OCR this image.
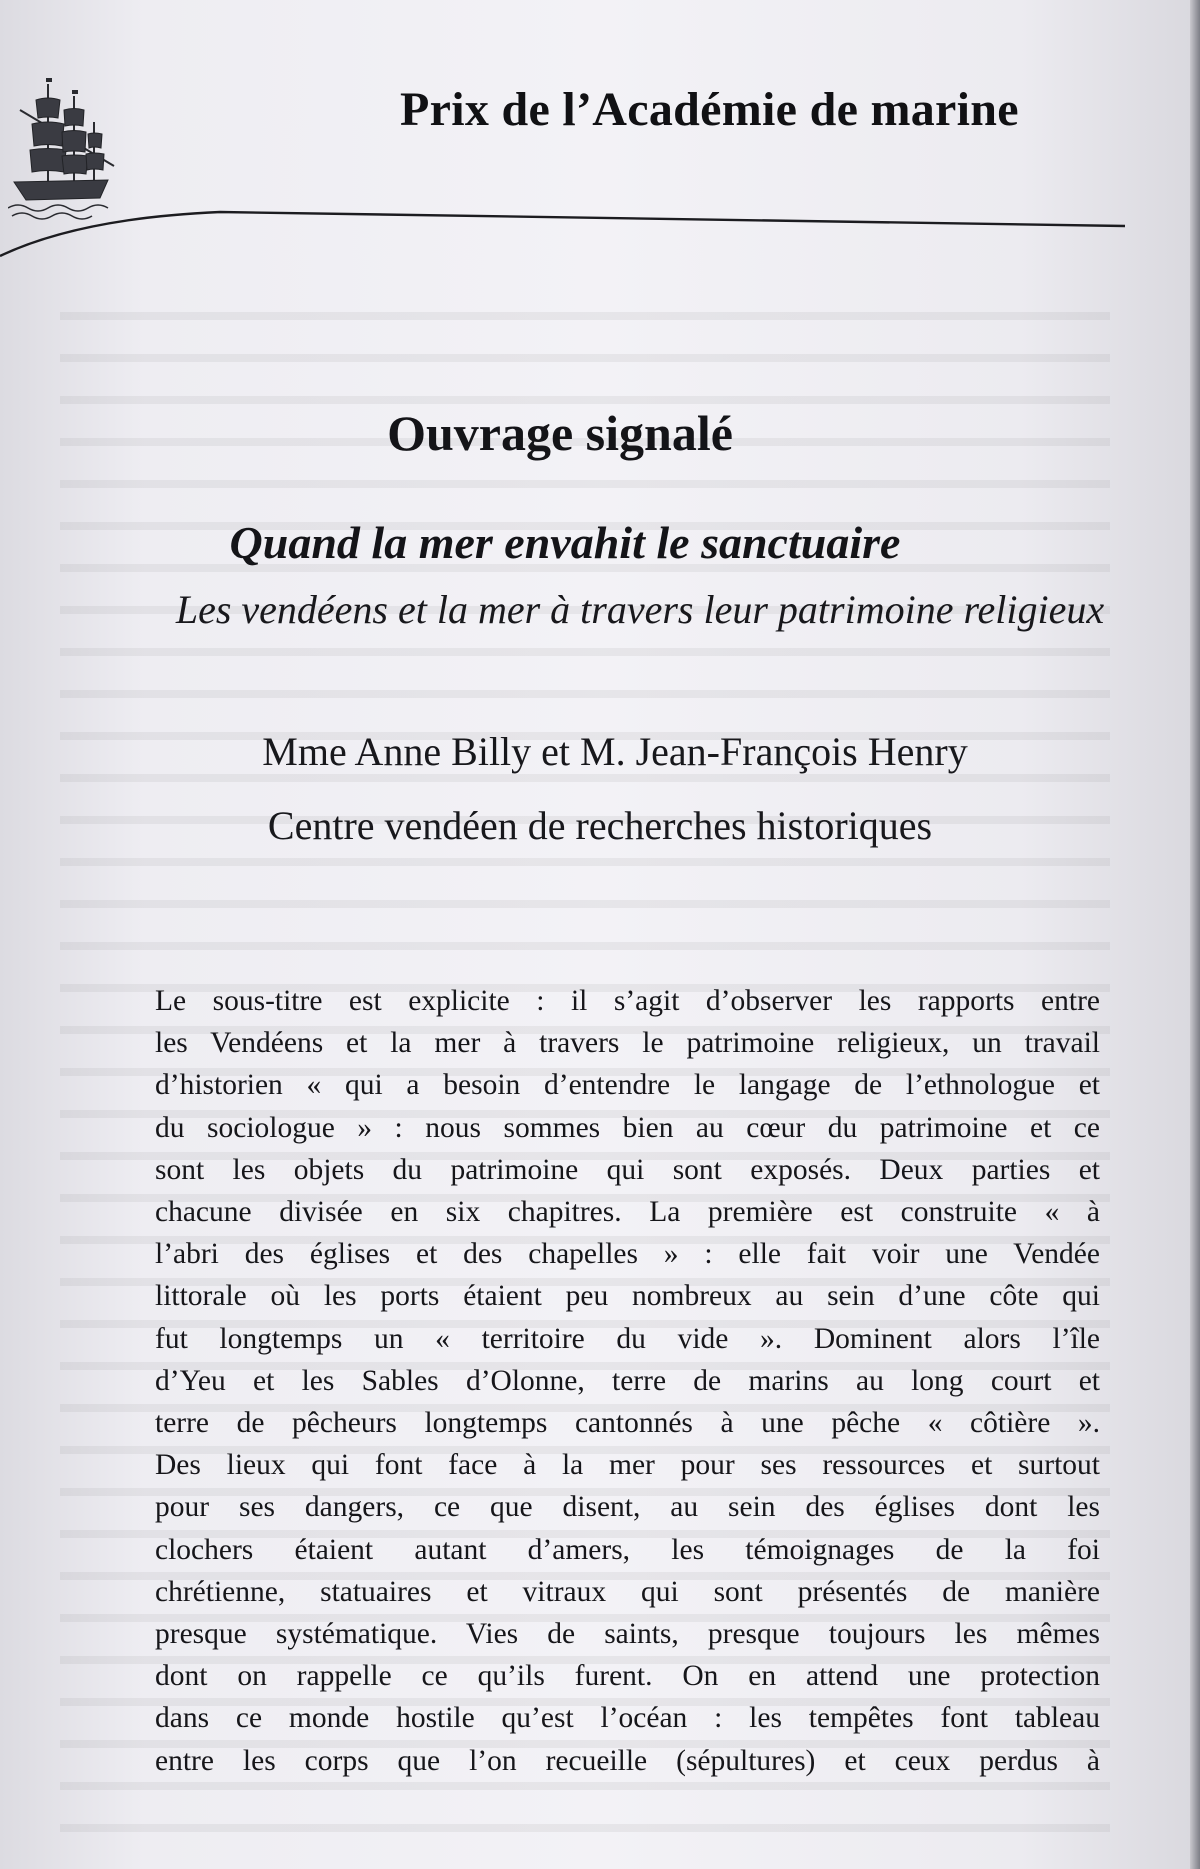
Prix de l’Académie de marine
Ouvrage signalé
Quand la mer envahit le sanctuaire
Les vendéens et la mer à travers leur patrimoine religieux
Mme Anne Billy et M. Jean-François Henry
Centre vendéen de recherches historiques
Le sous-titre est explicite : il s’agit d’observer les rapports entre
les Vendéens et la mer à travers le patrimoine religieux, un travail
d’historien « qui a besoin d’entendre le langage de l’ethnologue et
du sociologue » : nous sommes bien au cœur du patrimoine et ce
sont les objets du patrimoine qui sont exposés. Deux parties et
chacune divisée en six chapitres. La première est construite « à
l’abri des églises et des chapelles » : elle fait voir une Vendée
littorale où les ports étaient peu nombreux au sein d’une côte qui
fut longtemps un « territoire du vide ». Dominent alors l’île
d’Yeu et les Sables d’Olonne, terre de marins au long court et
terre de pêcheurs longtemps cantonnés à une pêche « côtière ».
Des lieux qui font face à la mer pour ses ressources et surtout
pour ses dangers, ce que disent, au sein des églises dont les
clochers étaient autant d’amers, les témoignages de la foi
chrétienne, statuaires et vitraux qui sont présentés de manière
presque systématique. Vies de saints, presque toujours les mêmes
dont on rappelle ce qu’ils furent. On en attend une protection
dans ce monde hostile qu’est l’océan : les tempêtes font tableau
entre les corps que l’on recueille (sépultures) et ceux perdus à
